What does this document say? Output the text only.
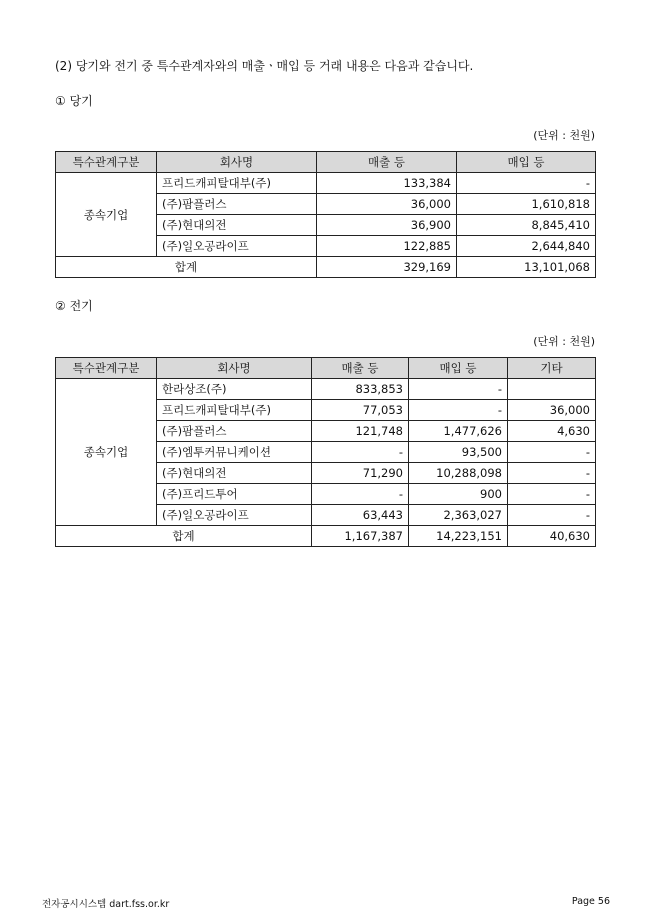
(2) 당기와 전기 중 특수관계자와의 매출ㆍ매입 등 거래 내용은 다음과 같습니다.
① 당기
(단위 : 천원)
특수관계구분	회사명	매출 등	매입 등
종속기업	프리드캐피탈대부(주)	133,384	-
	(주)팜플러스	36,000	1,610,818
	(주)현대의전	36,900	8,845,410
	(주)일오공라이프	122,885	2,644,840
합계		329,169	13,101,068
② 전기
(단위 : 천원)
특수관계구분	회사명	매출 등	매입 등	기타
종속기업	한라상조(주)	833,853	-	
	프리드캐피탈대부(주)	77,053	-	36,000
	(주)팜플러스	121,748	1,477,626	4,630
	(주)엠투커뮤니케이션	-	93,500	-
	(주)현대의전	71,290	10,288,098	-
	(주)프리드투어	-	900	-
	(주)일오공라이프	63,443	2,363,027	-
합계		1,167,387	14,223,151	40,630
전자공시시스템 dart.fss.or.kr	Page 56
